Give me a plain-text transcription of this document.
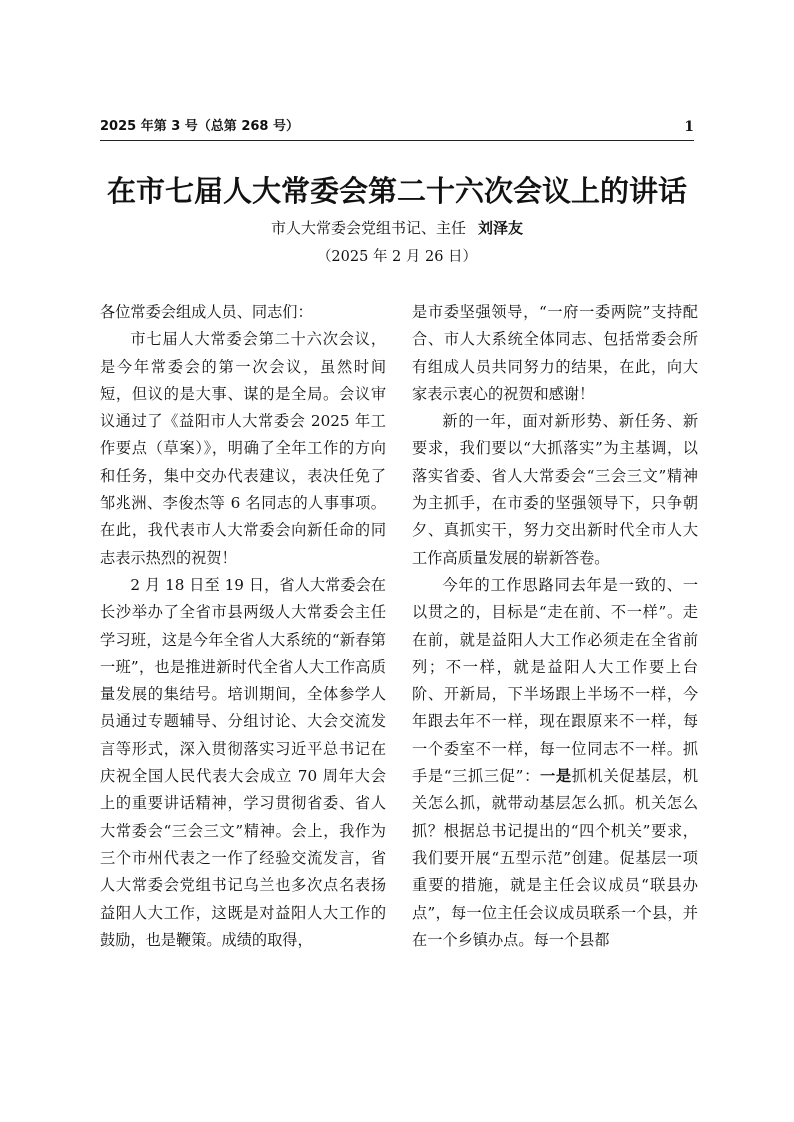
2025 年第 3 号（总第 268 号）	1
在市七届人大常委会第二十六次会议上的讲话
市人大常委会党组书记、主任 刘泽友
（2025 年 2 月 26 日）

各位常委会组成人员、同志们：

市七届人大常委会第二十六次会议，是今年常委会的第一次会议，虽然时间短，但议的是大事、谋的是全局。会议审议通过了《益阳市人大常委会 2025 年工作要点（草案）》，明确了全年工作的方向和任务，集中交办代表建议，表决任免了邹兆洲、李俊杰等 6 名同志的人事事项。在此，我代表市人大常委会向新任命的同志表示热烈的祝贺！

2 月 18 日至 19 日，省人大常委会在长沙举办了全省市县两级人大常委会主任学习班，这是今年全省人大系统的“新春第一班”，也是推进新时代全省人大工作高质量发展的集结号。培训期间，全体参学人员通过专题辅导、分组讨论、大会交流发言等形式，深入贯彻落实习近平总书记在庆祝全国人民代表大会成立 70 周年大会上的重要讲话精神，学习贯彻省委、省人大常委会“三会三文”精神。会上，我作为三个市州代表之一作了经验交流发言，省人大常委会党组书记乌兰也多次点名表扬益阳人大工作，这既是对益阳人大工作的鼓励，也是鞭策。成绩的取得，

是市委坚强领导，“一府一委两院”支持配合、市人大系统全体同志、包括常委会所有组成人员共同努力的结果，在此，向大家表示衷心的祝贺和感谢！

新的一年，面对新形势、新任务、新要求，我们要以“大抓落实”为主基调，以落实省委、省人大常委会“三会三文”精神为主抓手，在市委的坚强领导下，只争朝夕、真抓实干，努力交出新时代全市人大工作高质量发展的崭新答卷。

今年的工作思路同去年是一致的、一以贯之的，目标是“走在前、不一样”。走在前，就是益阳人大工作必须走在全省前列；不一样，就是益阳人大工作要上台阶、开新局，下半场跟上半场不一样，今年跟去年不一样，现在跟原来不一样，每一个委室不一样，每一位同志不一样。抓手是“三抓三促”：一是抓机关促基层，机关怎么抓，就带动基层怎么抓。机关怎么抓？根据总书记提出的“四个机关”要求，我们要开展“五型示范”创建。促基层一项重要的措施，就是主任会议成员“联县办点”，每一位主任会议成员联系一个县，并在一个乡镇办点。每一个县都
